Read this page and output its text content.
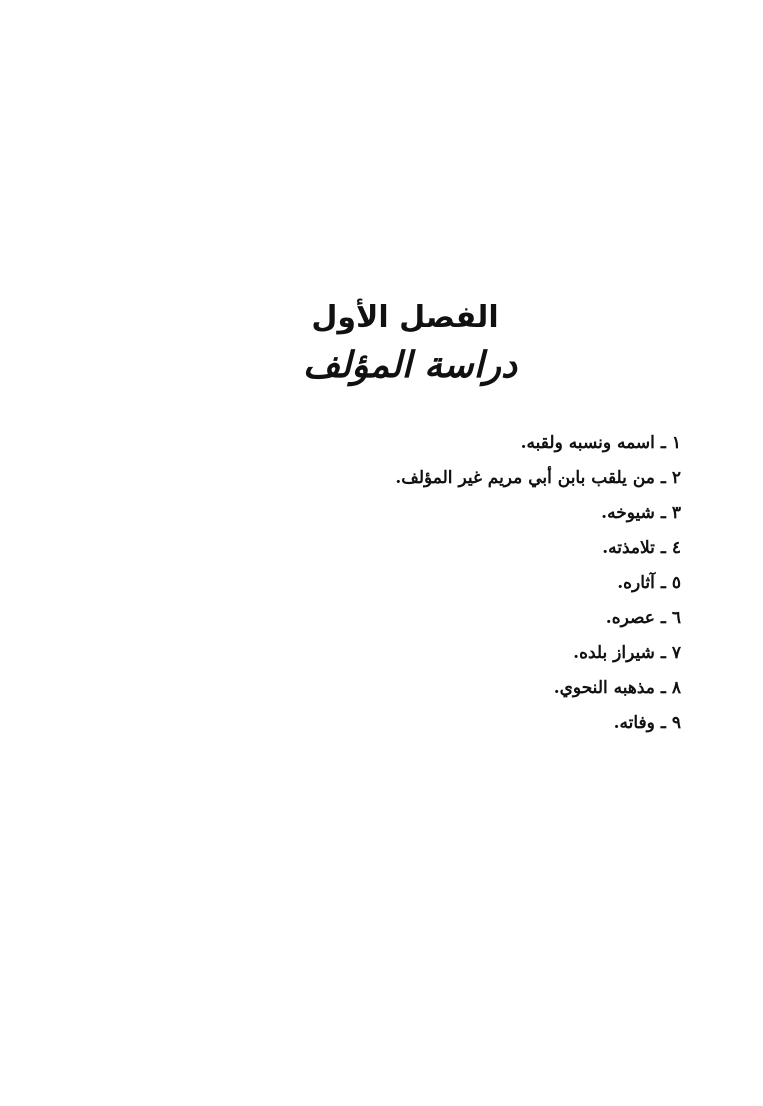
الفصل الأول
دراسة المؤلف
١ـاسمه ونسبه ولقبه.
٢ـمن يلقب بابن أبي مريم غير المؤلف.
٣ـشيوخه.
٤ـتلامذته.
٥ـآثاره.
٦ـعصره.
٧ـشيراز بلده.
٨ـمذهبه النحوي.
٩ـوفاته.
